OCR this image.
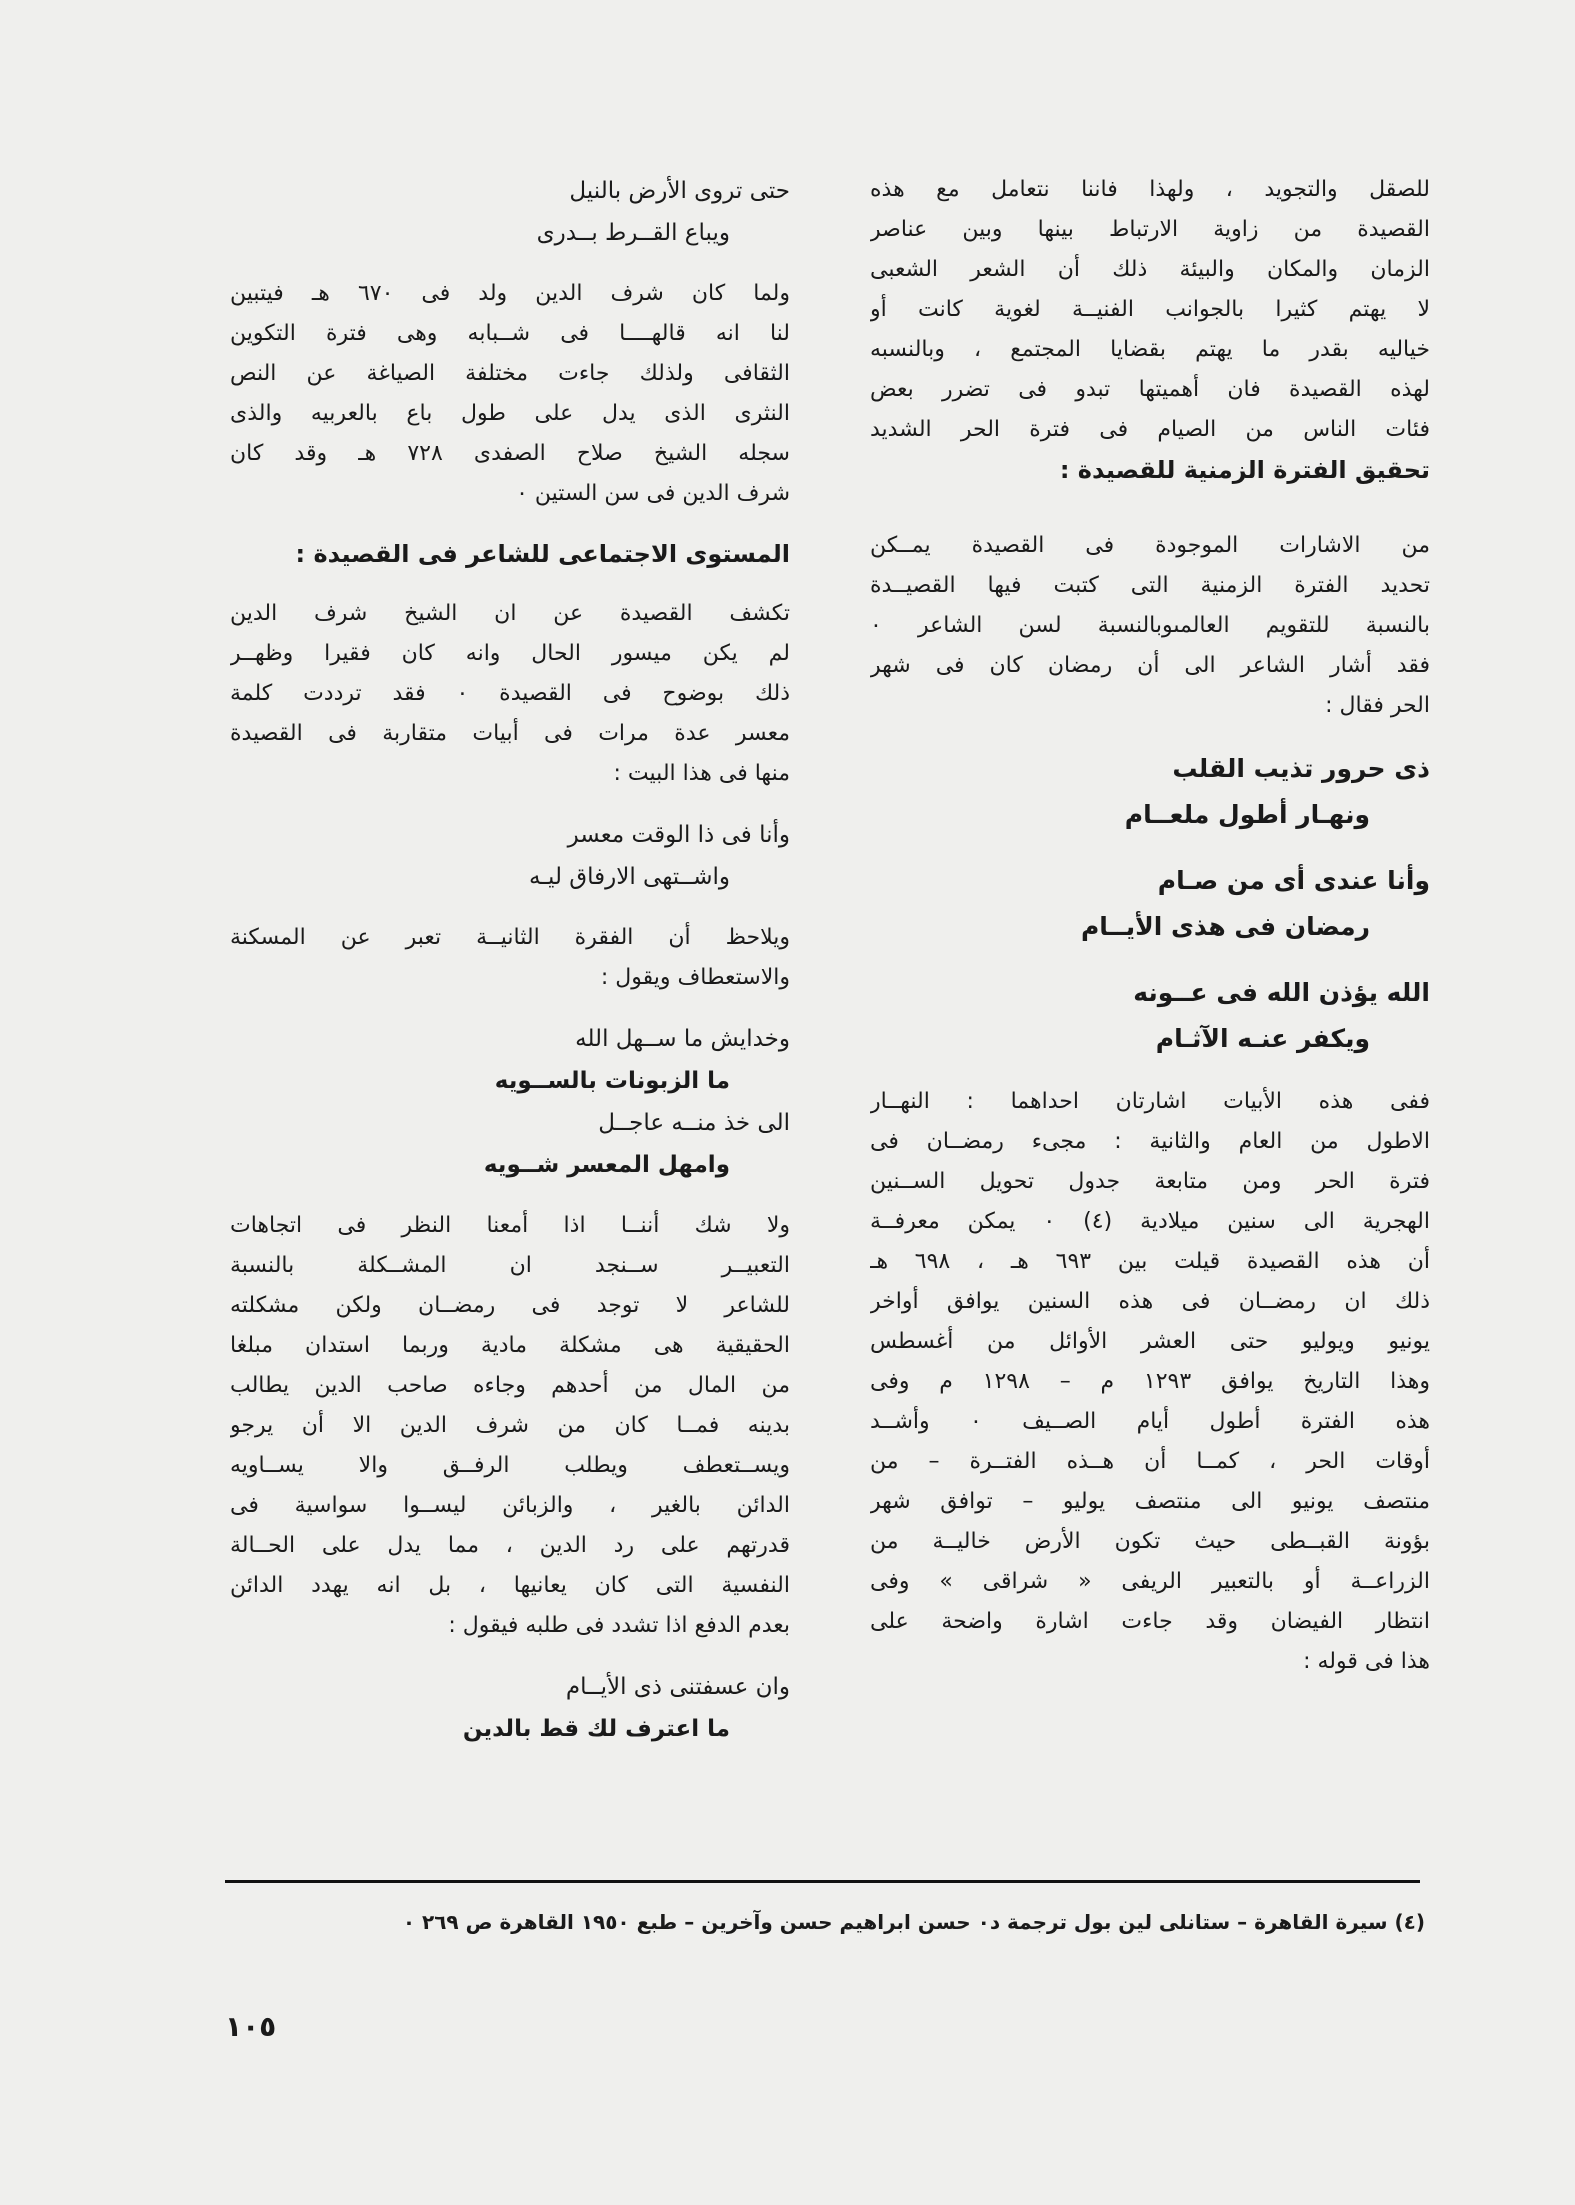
للصقل والتجويد ، ولهذا فاننا نتعامل مع هذه
القصيدة من زاوية الارتباط بينها وبين عناصر
الزمان والمكان والبيئة ذلك أن الشعر الشعبى
لا يهتم كثيرا بالجوانب الفنيــة لغوية كانت أو
خياليه بقدر ما يهتم بقضايا المجتمع ، وبالنسبه
لهذه القصيدة فان أهميتها تبدو فى تضرر بعض
فئات الناس من الصيام فى فترة الحر الشديد
تحقيق الفترة الزمنية للقصيدة :
من الاشارات الموجودة فى القصيدة يمــكن
تحديد الفترة الزمنية التى كتبت فيها القصيــدة
بالنسبة للتقويم العالمىوبالنسبة لسن الشاعر ٠
فقد أشار الشاعر الى أن رمضان كان فى شهر
الحر فقال :
ذى حرور تذيب القلب
ونهـار أطول ملعــام
وأنا عندى أى من صـام
رمضان فى هذى الأيــام
الله يؤذن الله فى عــونه
ويكفر عنـه الآثـام
ففى هذه الأبيات اشارتان احداهما : النهــار
الاطول من العام والثانية : مجىء رمضــان فى
فترة الحر ومن متابعة جدول تحويل الســنين
الهجرية الى سنين ميلادية (٤) ٠ يمكن معرفــة
أن هذه القصيدة قيلت بين ٦٩٣ هـ ، ٦٩٨ هـ
ذلك ان رمضــان فى هذه السنين يوافق أواخر
يونيو ويوليو حتى العشر الأوائل من أغسطس
وهذا التاريخ يوافق ١٢٩٣ م – ١٢٩٨ م وفى
هذه الفترة أطول أيام الصــيف ٠ وأشــد
أوقات الحر ، كمــا أن هــذه الفتــرة – من
منتصف يونيو الى منتصف يوليو – توافق شهر
بؤونة القبــطى حيث تكون الأرض خاليــة من
الزراعــة أو بالتعبير الريفى « شراقى » وفى
انتظار الفيضان وقد جاءت اشارة واضحة على
هذا فى قوله :
حتى تروى الأرض بالنيل
ويباع القــرط بــدرى
ولما كان شرف الدين ولد فى ٦٧٠ هـ فيتبين
لنا انه قالهــــا فى شــبابه وهى فترة التكوين
الثقافى ولذلك جاءت مختلفة الصياغة عن النص
النثرى الذى يدل على طول باع بالعربيه والذى
سجله الشيخ صلاح الصفدى ٧٢٨ هـ وقد كان
شرف الدين فى سن الستين ٠
المستوى الاجتماعى للشاعر فى القصيدة :
تكشف القصيدة عن ان الشيخ شرف الدين
لم يكن ميسور الحال وانه كان فقيرا وظهــر
ذلك بوضوح فى القصيدة ٠ فقد ترددت كلمة
معسر عدة مرات فى أبيات متقاربة فى القصيدة
منها فى هذا البيت :
وأنا فى ذا الوقت معسر
واشــتهى الارفاق ليـه
ويلاحظ أن الفقرة الثانيــة تعبر عن المسكنة
والاستعطاف ويقول :
وخدايش ما ســهل الله
ما الزبونات بالســويه
الى خذ منــه عاجــل
وامهل المعسر شــويه
ولا شك أننــا اذا أمعنا النظر فى اتجاهات
التعبيــر ســنجد ان المشــكلة بالنسبة
للشاعر لا توجد فى رمضــان ولكن مشكلته
الحقيقية هى مشكلة مادية وربما استدان مبلغا
من المال من أحدهم وجاءه صاحب الدين يطالب
بدينه فمــا كان من شرف الدين الا أن يرجو
ويســتعطف ويطلب الرفــق والا يســاويه
الدائن بالغير ، والزبائن ليســوا سواسية فى
قدرتهم على رد الدين ، مما يدل على الحــالة
النفسية التى كان يعانيها ، بل انه يهدد الدائن
بعدم الدفع اذا تشدد فى طلبه فيقول :
وان عسفتنى ذى الأيــام
ما اعترف لك قط بالدين
(٤) سيرة القاهرة – ستانلى لين بول ترجمة د٠ حسن ابراهيم حسن وآخرين – طبع ١٩٥٠ القاهرة ص ٢٦٩ ٠
١٠٥
